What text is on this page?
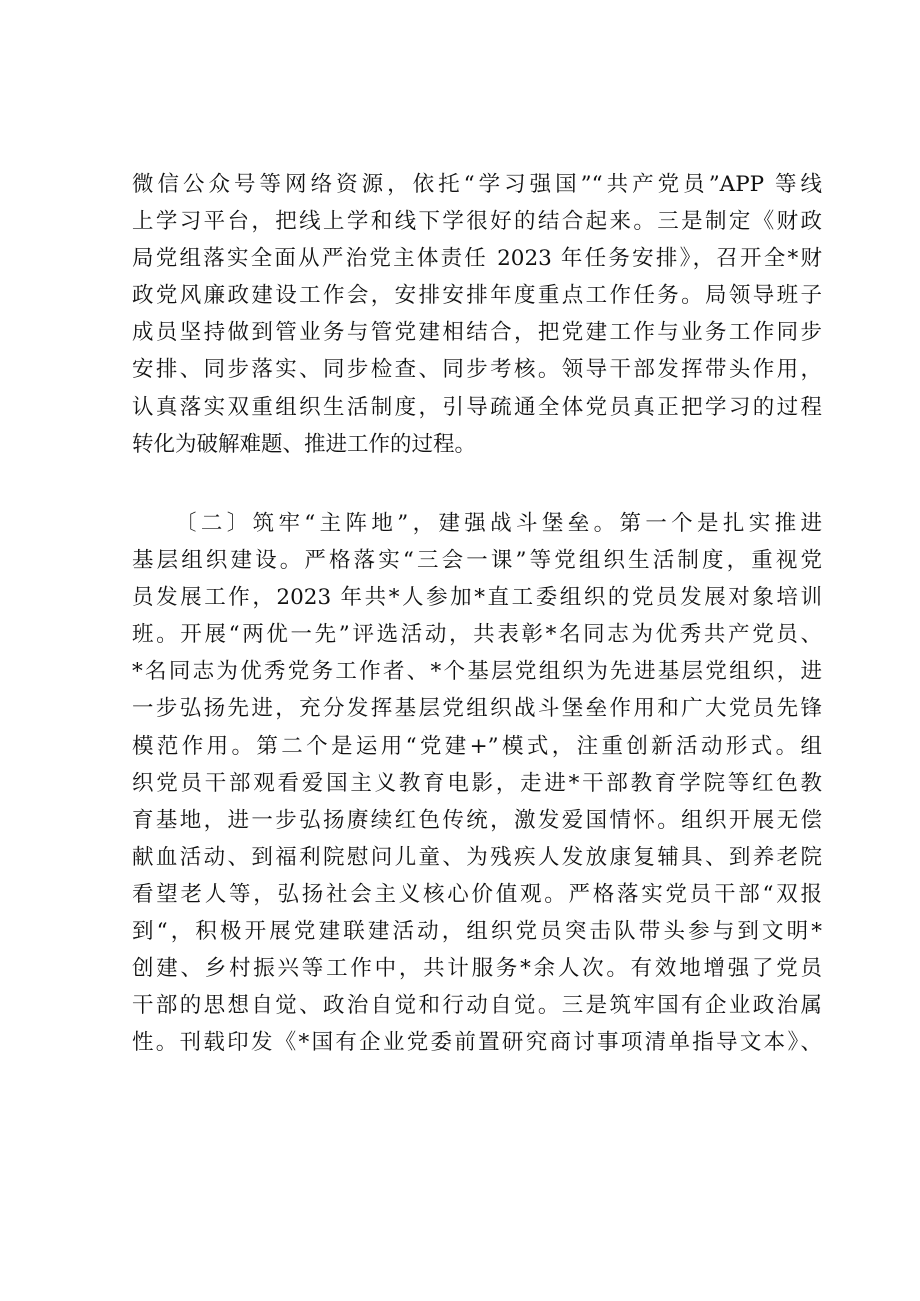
微信公众号等网络资源，依托“学习强国”“共产党员”APP 等线
上学习平台，把线上学和线下学很好的结合起来。三是制定《财政
局党组落实全面从严治党主体责任 2023 年任务安排》，召开全*财
政党风廉政建设工作会，安排安排年度重点工作任务。局领导班子
成员坚持做到管业务与管党建相结合，把党建工作与业务工作同步
安排、同步落实、同步检查、同步考核。领导干部发挥带头作用，
认真落实双重组织生活制度，引导疏通全体党员真正把学习的过程
转化为破解难题、推进工作的过程。
〔二〕筑牢“主阵地”，建强战斗堡垒。第一个是扎实推进
基层组织建设。严格落实“三会一课”等党组织生活制度，重视党
员发展工作，2023 年共*人参加*直工委组织的党员发展对象培训
班。开展“两优一先”评选活动，共表彰*名同志为优秀共产党员、
*名同志为优秀党务工作者、*个基层党组织为先进基层党组织，进
一步弘扬先进，充分发挥基层党组织战斗堡垒作用和广大党员先锋
模范作用。第二个是运用“党建+”模式，注重创新活动形式。组
织党员干部观看爱国主义教育电影，走进*干部教育学院等红色教
育基地，进一步弘扬赓续红色传统，激发爱国情怀。组织开展无偿
献血活动、到福利院慰问儿童、为残疾人发放康复辅具、到养老院
看望老人等，弘扬社会主义核心价值观。严格落实党员干部“双报
到“，积极开展党建联建活动，组织党员突击队带头参与到文明*
创建、乡村振兴等工作中，共计服务*余人次。有效地增强了党员
干部的思想自觉、政治自觉和行动自觉。三是筑牢国有企业政治属
性。刊载印发《*国有企业党委前置研究商讨事项清单指导文本》、
